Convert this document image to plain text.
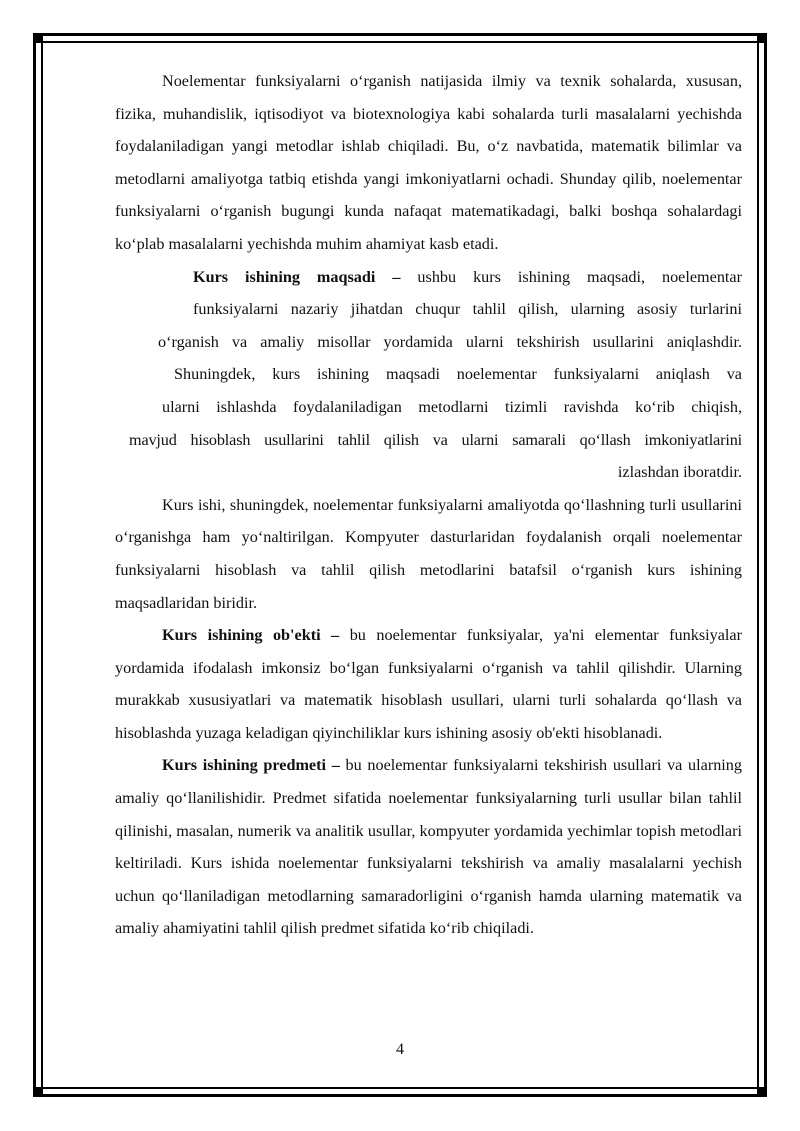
Noelementar funksiyalarni o‘rganish natijasida ilmiy va texnik sohalarda, xususan, fizika, muhandislik, iqtisodiyot va biotexnologiya kabi sohalarda turli masalalarni yechishda foydalaniladigan yangi metodlar ishlab chiqiladi. Bu, o‘z navbatida, matematik bilimlar va metodlarni amaliyotga tatbiq etishda yangi imkoniyatlarni ochadi. Shunday qilib, noelementar funksiyalarni o‘rganish bugungi kunda nafaqat matematikadagi, balki boshqa sohalardagi ko‘plab masalalarni yechishda muhim ahamiyat kasb etadi.

Kurs ishining maqsadi – ushbu kurs ishining maqsadi, noelementar

funksiyalarni nazariy jihatdan chuqur tahlil qilish, ularning asosiy turlarini

o‘rganish va amaliy misollar yordamida ularni tekshirish usullarini aniqlashdir.

Shuningdek, kurs ishining maqsadi noelementar funksiyalarni aniqlash va

ularni ishlashda foydalaniladigan metodlarni tizimli ravishda ko‘rib chiqish,

mavjud hisoblash usullarini tahlil qilish va ularni samarali qo‘llash imkoniyatlarini

izlashdan iboratdir.

Kurs ishi, shuningdek, noelementar funksiyalarni amaliyotda qo‘llashning turli usullarini o‘rganishga ham yo‘naltirilgan. Kompyuter dasturlaridan foydalanish orqali noelementar funksiyalarni hisoblash va tahlil qilish metodlarini batafsil o‘rganish kurs ishining maqsadlaridan biridir.

Kurs ishining ob'ekti – bu noelementar funksiyalar, ya'ni elementar funksiyalar yordamida ifodalash imkonsiz bo‘lgan funksiyalarni o‘rganish va tahlil qilishdir. Ularning murakkab xususiyatlari va matematik hisoblash usullari, ularni turli sohalarda qo‘llash va hisoblashda yuzaga keladigan qiyinchiliklar kurs ishining asosiy ob'ekti hisoblanadi.

Kurs ishining predmeti – bu noelementar funksiyalarni tekshirish usullari va ularning amaliy qo‘llanilishidir. Predmet sifatida noelementar funksiyalarning turli usullar bilan tahlil qilinishi, masalan, numerik va analitik usullar, kompyuter yordamida yechimlar topish metodlari keltiriladi. Kurs ishida noelementar funksiyalarni tekshirish va amaliy masalalarni yechish uchun qo‘llaniladigan metodlarning samaradorligini o‘rganish hamda ularning matematik va amaliy ahamiyatini tahlil qilish predmet sifatida ko‘rib chiqiladi.

4
